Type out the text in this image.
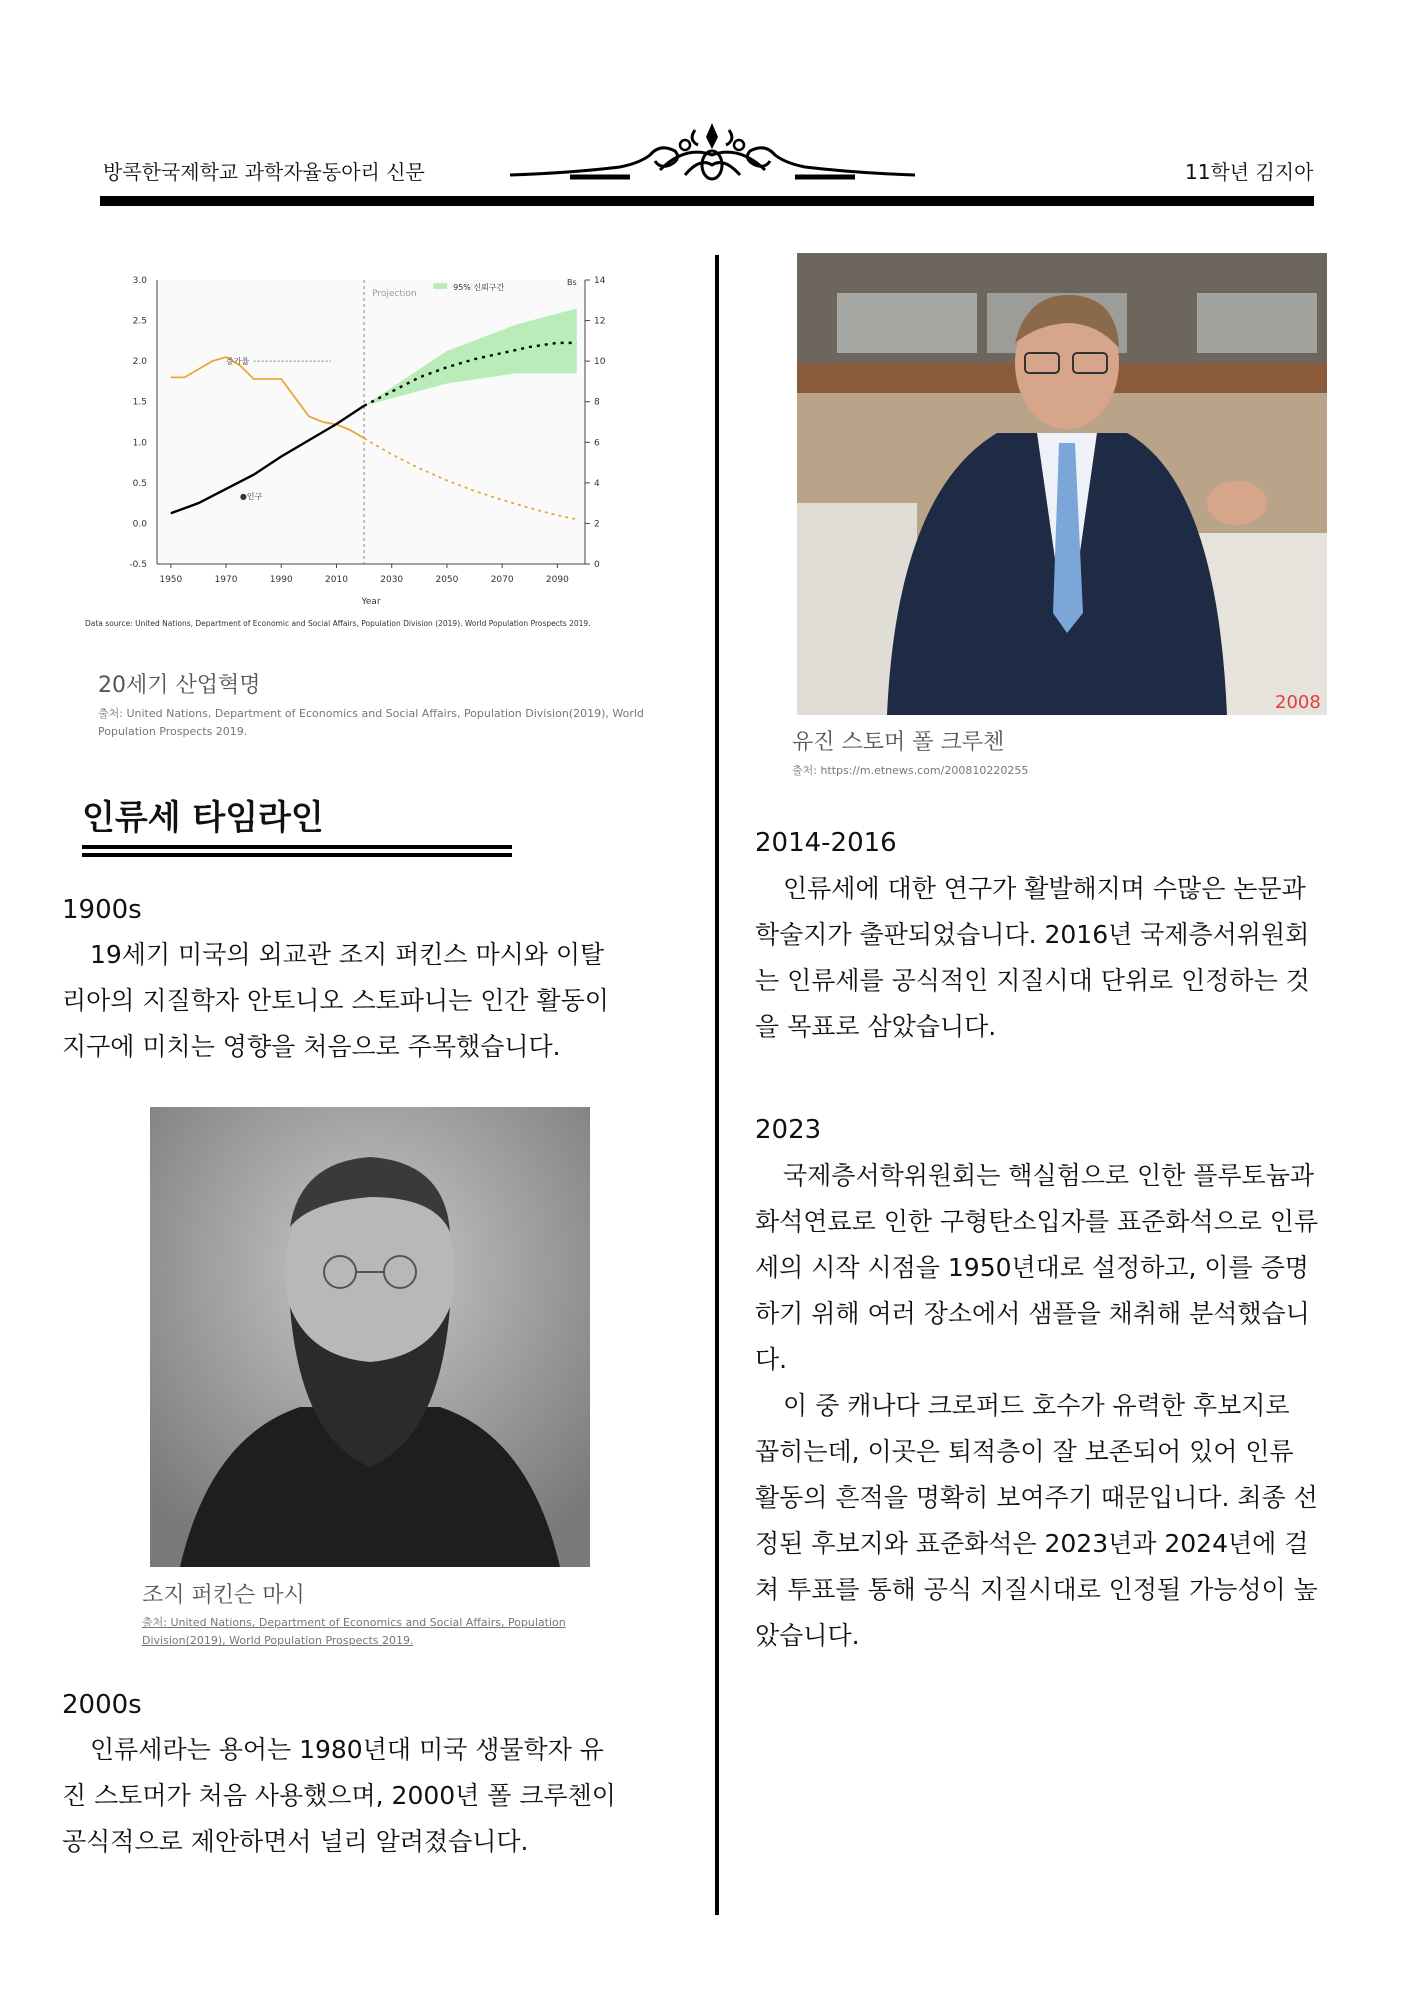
방콕한국제학교 과학자율동아리 신문	11학년 김지아
Projection
95% 신뢰구간
증가율
●인구
3.0
2.5
2.0
1.5
1.0
0.5
0.0
-0.5
14
12
10
8
6
4
2
0
Bs
1950	1970	1990	2010	2030	2050	2070	2090
Year
Data source: United Nations, Department of Economic and Social Affairs, Population Division (2019). World Population Prospects 2019.
20세기 산업혁명
출처: United Nations, Department of Economics and Social Affairs, Population Division(2019), World Population Prospects 2019.
인류세 타임라인
1900s
19세기 미국의 외교관 조지 퍼킨스 마시와 이탈
리아의 지질학자 안토니오 스토파니는 인간 활동이
지구에 미치는 영향을 처음으로 주목했습니다.
조지 퍼킨슨 마시
출처: United Nations, Department of Economics and Social Affairs, Population Division(2019), World Population Prospects 2019.
2000s
인류세라는 용어는 1980년대 미국 생물학자 유
진 스토머가 처음 사용했으며, 2000년 폴 크루첸이
공식적으로 제안하면서 널리 알려졌습니다.
2008
유진 스토머 폴 크루첸
출처: https://m.etnews.com/200810220255
2014-2016
인류세에 대한 연구가 활발해지며 수많은 논문과
학술지가 출판되었습니다. 2016년 국제층서위원회
는 인류세를 공식적인 지질시대 단위로 인정하는 것
을 목표로 삼았습니다.
2023
국제층서학위원회는 핵실험으로 인한 플루토늄과
화석연료로 인한 구형탄소입자를 표준화석으로 인류
세의 시작 시점을 1950년대로 설정하고, 이를 증명
하기 위해 여러 장소에서 샘플을 채취해 분석했습니
다.
이 중 캐나다 크로퍼드 호수가 유력한 후보지로
꼽히는데, 이곳은 퇴적층이 잘 보존되어 있어 인류
활동의 흔적을 명확히 보여주기 때문입니다. 최종 선
정된 후보지와 표준화석은 2023년과 2024년에 걸
쳐 투표를 통해 공식 지질시대로 인정될 가능성이 높
았습니다.
